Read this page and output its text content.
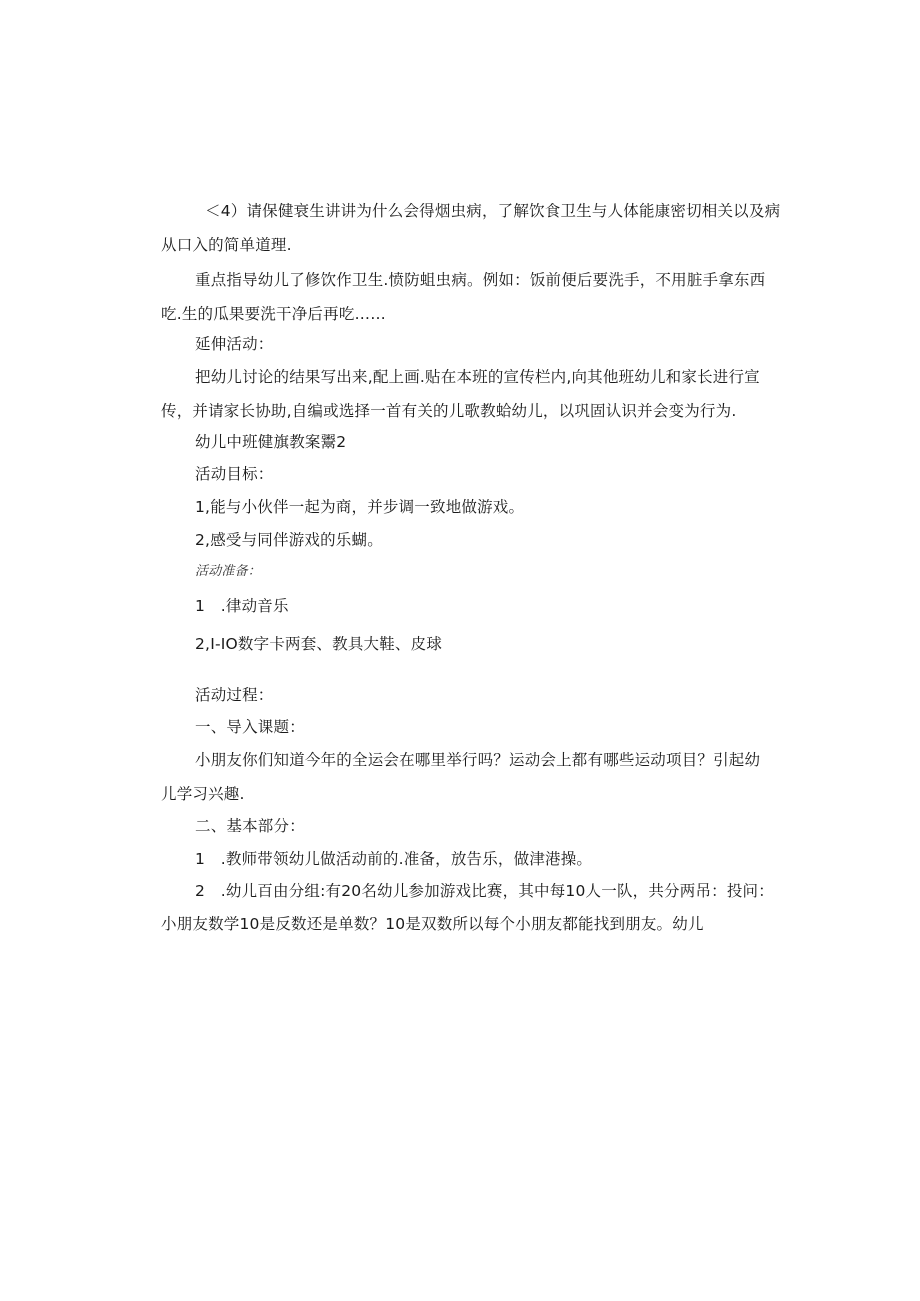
＜4）请保健衰生讲讲为什么会得烟虫病，了解饮食卫生与人体能康密切相关以及病
从口入的简单道理.
重点指导幼儿了修饮作卫生.愤防蛆虫病。例如：饭前便后要洗手，不用脏手拿东西
吃.生的瓜果要洗干净后再吃……
延伸活动：
把幼儿讨论的结果写出来,配上画.贴在本班的宣传栏内,向其他班幼儿和家长进行宣
传，并请家长协助,自编或选择一首有关的儿歌教蛤幼儿，以巩固认识并会变为行为.
幼儿中班健旗教案鬻2
活动目标：
1,能与小伙伴一起为商，并步调一致地做游戏。
2,感受与同伴游戏的乐蝴。
活动准备：
1　.律动音乐
2,I-IO数字卡两套、教具大鞋、皮球
活动过程：
一、导入课题：
小朋友你们知道今年的全运会在哪里举行吗？运动会上都有哪些运动项目？引起幼
儿学习兴趣.
二、基本部分：
1　.教师带领幼儿做活动前的.准备，放告乐，做津港操。
2　.幼儿百由分组:有20名幼儿参加游戏比赛，其中每10人一队，共分两吊：投问：
小朋友数学10是反数还是单数？10是双数所以每个小朋友都能找到朋友。幼儿
